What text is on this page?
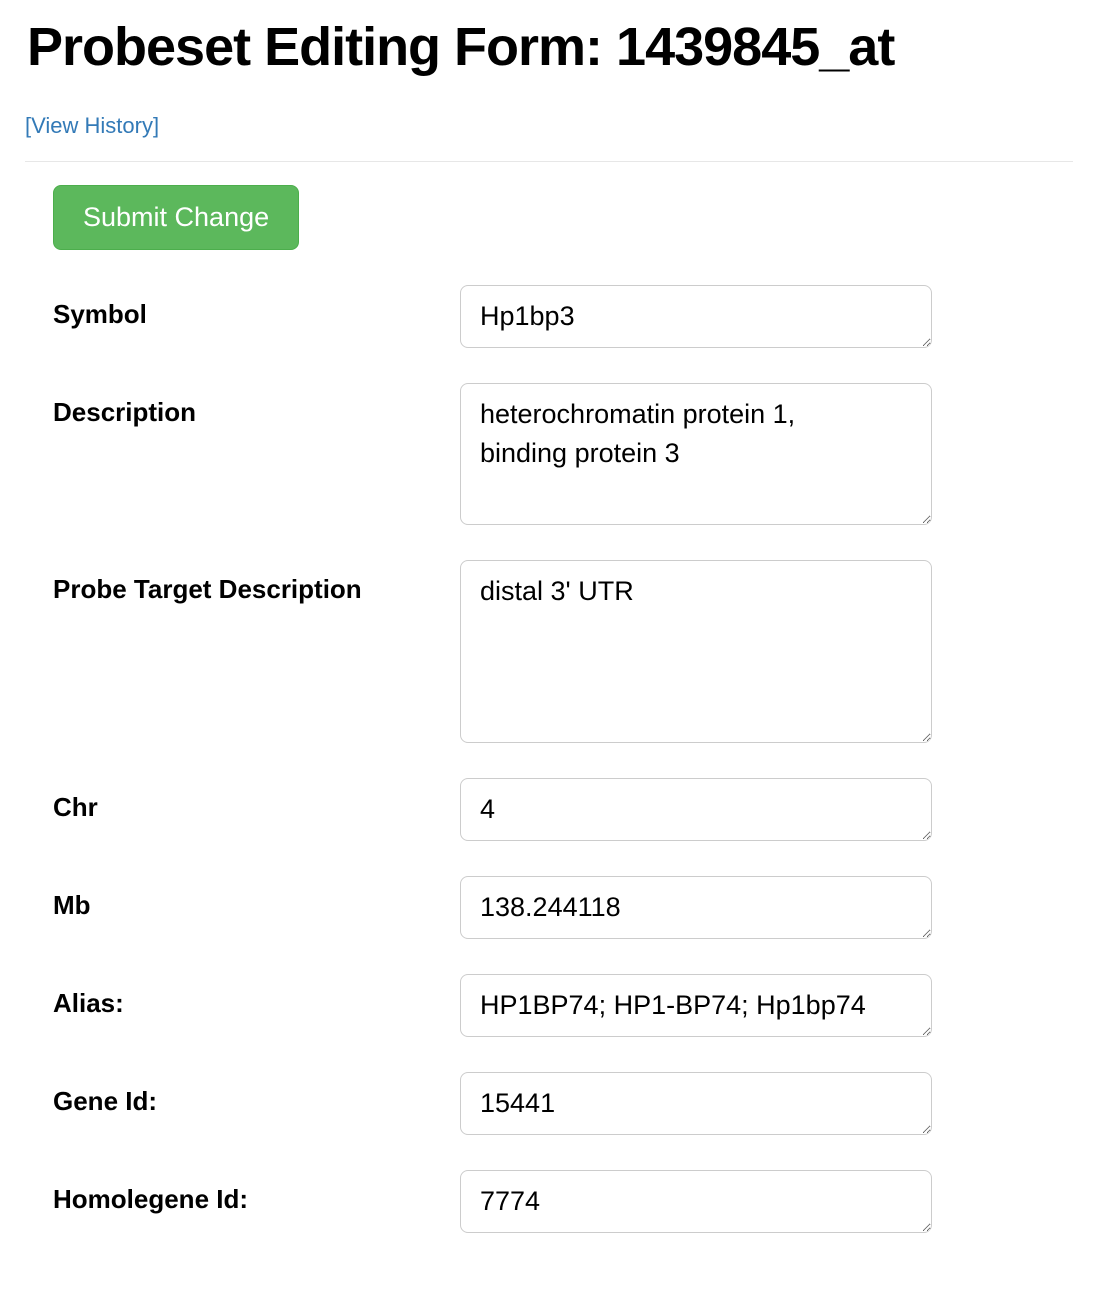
Probeset Editing Form: 1439845_at
[View History]
Submit Change
Symbol
Hp1bp3
Description
heterochromatin protein 1, binding protein 3
Probe Target Description
distal 3' UTR
Chr
4
Mb
138.244118
Alias:
HP1BP74; HP1-BP74; Hp1bp74
Gene Id:
15441
Homolegene Id:
7774
